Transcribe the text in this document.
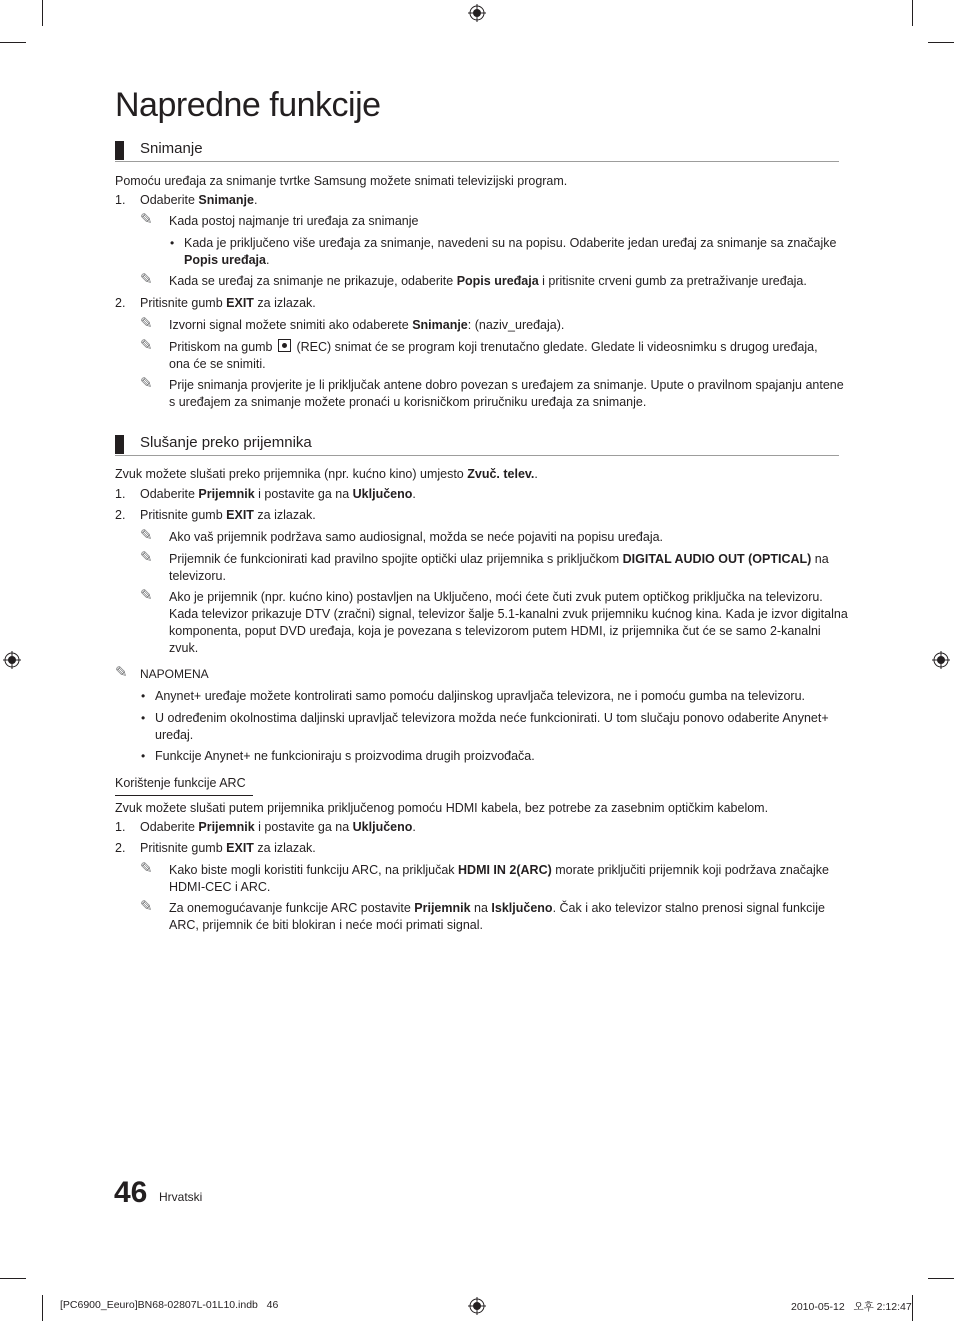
Napredne funkcije
Snimanje
Pomoću uređaja za snimanje tvrtke Samsung možete snimati televizijski program.
1. Odaberite Snimanje.
✎ Kada postoj najmanje tri uređaja za snimanje
• Kada je priključeno više uređaja za snimanje, navedeni su na popisu. Odaberite jedan uređaj za snimanje sa značajke
Popis uređaja.
✎ Kada se uređaj za snimanje ne prikazuje, odaberite Popis uređaja i pritisnite crveni gumb za pretraživanje uređaja.
2. Pritisnite gumb EXIT za izlazak.
✎ Izvorni signal možete snimiti ako odaberete Snimanje: (naziv_uređaja).
✎ Pritiskom na gumb  (REC) snimat će se program koji trenutačno gledate. Gledate li videosnimku s drugog uređaja,
ona će se snimiti.
✎ Prije snimanja provjerite je li priključak antene dobro povezan s uređajem za snimanje. Upute o pravilnom spajanju antene
s uređajem za snimanje možete pronaći u korisničkom priručniku uređaja za snimanje.
Slušanje preko prijemnika
Zvuk možete slušati preko prijemnika (npr. kućno kino) umjesto Zvuč. telev..
1. Odaberite Prijemnik i postavite ga na Uključeno.
2. Pritisnite gumb EXIT za izlazak.
✎ Ako vaš prijemnik podržava samo audiosignal, možda se neće pojaviti na popisu uređaja.
✎ Prijemnik će funkcionirati kad pravilno spojite optički ulaz prijemnika s priključkom DIGITAL AUDIO OUT (OPTICAL) na
televizoru.
✎ Ako je prijemnik (npr. kućno kino) postavljen na Uključeno, moći ćete čuti zvuk putem optičkog priključka na televizoru.
Kada televizor prikazuje DTV (zračni) signal, televizor šalje 5.1-kanalni zvuk prijemniku kućnog kina. Kada je izvor digitalna
komponenta, poput DVD uređaja, koja je povezana s televizorom putem HDMI, iz prijemnika čut će se samo 2-kanalni
zvuk.
✎ NAPOMENA
• Anynet+ uređaje možete kontrolirati samo pomoću daljinskog upravljača televizora, ne i pomoću gumba na televizoru.
• U određenim okolnostima daljinski upravljač televizora možda neće funkcionirati. U tom slučaju ponovo odaberite Anynet+
uređaj.
• Funkcije Anynet+ ne funkcioniraju s proizvodima drugih proizvođača.
Korištenje funkcije ARC
Zvuk možete slušati putem prijemnika priključenog pomoću HDMI kabela, bez potrebe za zasebnim optičkim kabelom.
1. Odaberite Prijemnik i postavite ga na Uključeno.
2. Pritisnite gumb EXIT za izlazak.
✎ Kako biste mogli koristiti funkciju ARC, na priključak HDMI IN 2(ARC) morate priključiti prijemnik koji podržava značajke
HDMI-CEC i ARC.
✎ Za onemogućavanje funkcije ARC postavite Prijemnik na Isključeno. Čak i ako televizor stalno prenosi signal funkcije
ARC, prijemnik će biti blokiran i neće moći primati signal.
46 Hrvatski
[PC6900_Eeuro]BN68-02807L-01L10.indb   46	2010-05-12   오후 2:12:47
